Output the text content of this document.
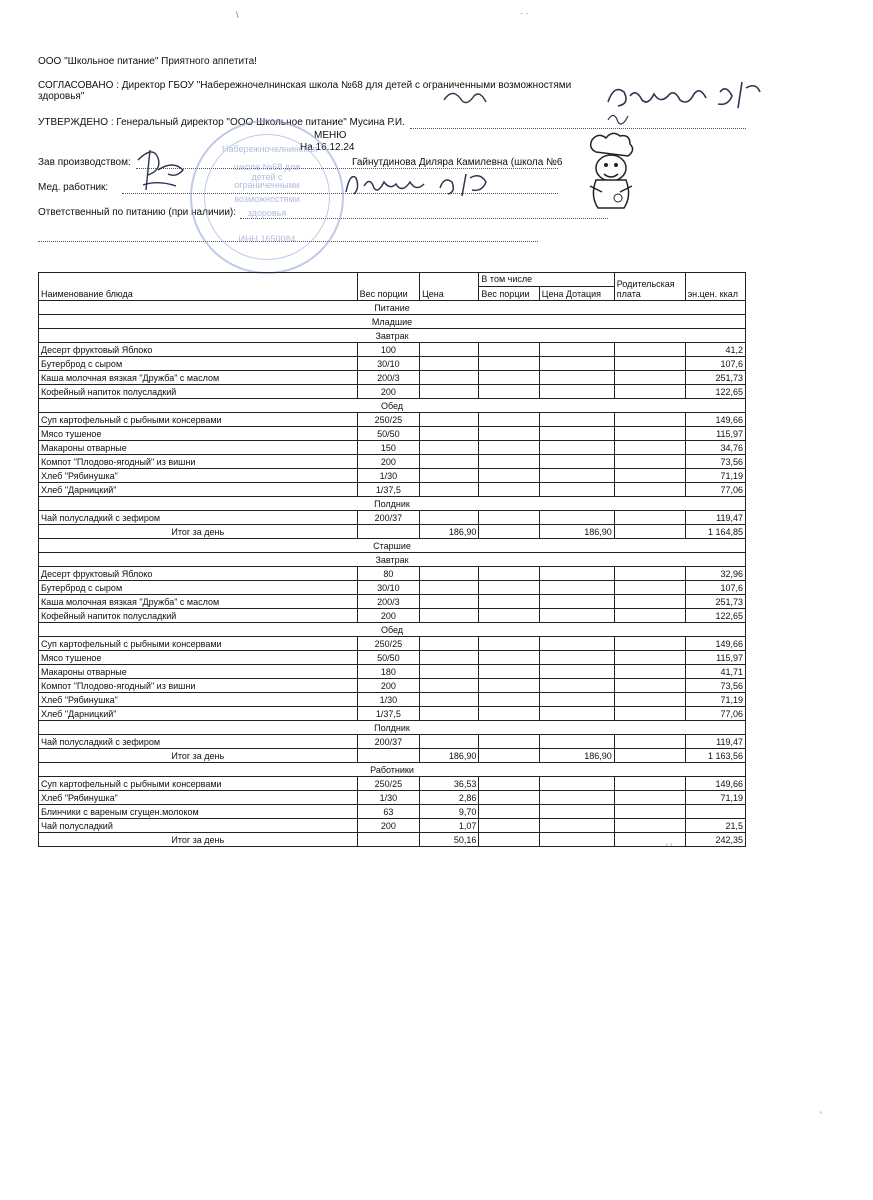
ООО "Школьное питание" Приятного аппетита!
СОГЛАСОВАНО : Директор ГБОУ "Набережночелнинская школа №68 для детей с ограниченными возможностями
здоровья"
УТВЕРЖДЕНО : Генеральный директор "ООО Школьное питание" Мусина Р.И.
МЕНЮ
На 16.12.24
Зав производством:	Гайнутдинова Диляра Камилевна (школа №6
Мед. работник:
Ответственный по питанию (при наличии):
Набережночелнинская
школа №68 для детей с
ограниченными
возможностями
здоровья
ИНН 1650084
Наименование блюда	Вес порции	Цена	В том числе		Родительская плата	эн.цен. ккал
			Вес порции	Цена Дотация		
Питание						
Младшие						
Завтрак						
Десерт фруктовый Яблоко	100					41,2
Бутерброд с сыром	30/10					107,6
Каша молочная вязкая "Дружба" с маслом	200/3					251,73
Кофейный напиток полусладкий	200					122,65
Обед						
Суп картофельный с рыбными консервами	250/25					149,66
Мясо тушеное	50/50					115,97
Макароны отварные	150					34,76
Компот "Плодово-ягодный" из вишни	200					73,56
Хлеб "Рябинушка"	1/30					71,19
Хлеб "Дарницкий"	1/37,5					77,06
Полдник						
Чай полусладкий с зефиром	200/37					119,47
Итог за день		186,90		186,90		1 164,85
Старшие						
Завтрак						
Десерт фруктовый Яблоко	80					32,96
Бутерброд с сыром	30/10					107,6
Каша молочная вязкая "Дружба" с маслом	200/3					251,73
Кофейный напиток полусладкий	200					122,65
Обед						
Суп картофельный с рыбными консервами	250/25					149,66
Мясо тушеное	50/50					115,97
Макароны отварные	180					41,71
Компот "Плодово-ягодный" из вишни	200					73,56
Хлеб "Рябинушка"	1/30					71,19
Хлеб "Дарницкий"	1/37,5					77,06
Полдник						
Чай полусладкий с зефиром	200/37					119,47
Итог за день		186,90		186,90		1 163,56
Работники						
Суп картофельный с рыбными консервами	250/25	36,53				149,66
Хлеб "Рябинушка"	1/30	2,86				71,19
Блинчики с вареным сгущен.молоком	63	9,70				
Чай полусладкий	200	1,07				21,5
Итог за день		50,16				242,35
\	· ·
' '
'
